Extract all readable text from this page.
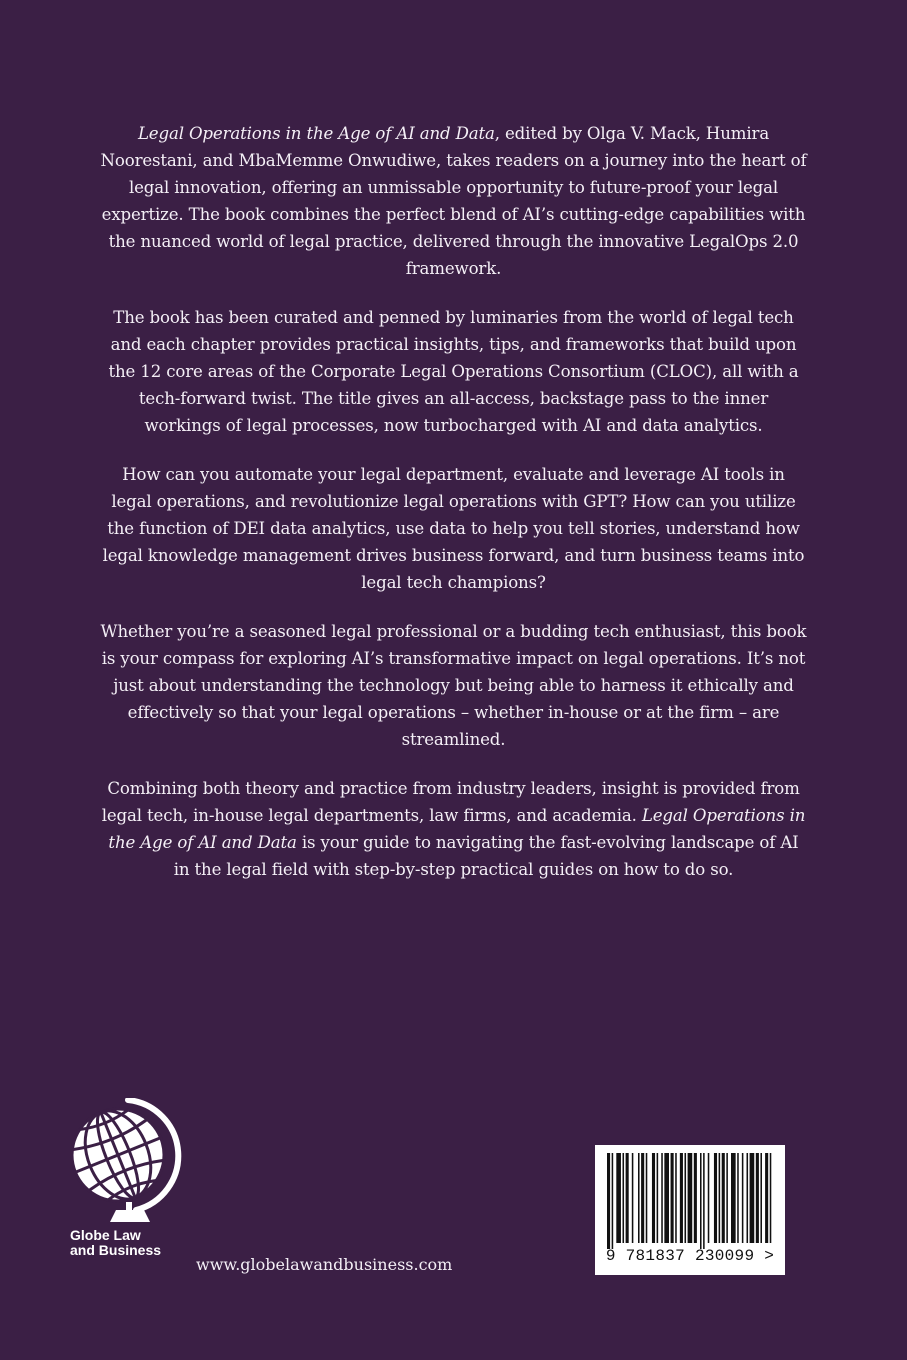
Legal Operations in the Age of AI and Data, edited by Olga V. Mack, Humira Noorestani, and MbaMemme Onwudiwe, takes readers on a journey into the heart of legal innovation, offering an unmissable opportunity to future-proof your legal expertize. The book combines the perfect blend of AI’s cutting-edge capabilities with the nuanced world of legal practice, delivered through the innovative LegalOps 2.0 framework.

The book has been curated and penned by luminaries from the world of legal tech and each chapter provides practical insights, tips, and frameworks that build upon the 12 core areas of the Corporate Legal Operations Consortium (CLOC), all with a tech-forward twist. The title gives an all-access, backstage pass to the inner workings of legal processes, now turbocharged with AI and data analytics.

How can you automate your legal department, evaluate and leverage AI tools in legal operations, and revolutionize legal operations with GPT? How can you utilize the function of DEI data analytics, use data to help you tell stories, understand how legal knowledge management drives business forward, and turn business teams into legal tech champions?

Whether you’re a seasoned legal professional or a budding tech enthusiast, this book is your compass for exploring AI’s transformative impact on legal operations. It’s not just about understanding the technology but being able to harness it ethically and effectively so that your legal operations – whether in-house or at the firm – are streamlined.

Combining both theory and practice from industry leaders, insight is provided from legal tech, in-house legal departments, law firms, and academia. Legal Operations in the Age of AI and Data is your guide to navigating the fast-evolving landscape of AI in the legal field with step-by-step practical guides on how to do so.

Globe Law
and Business
www.globelawandbusiness.com	9 781837 230099 >
